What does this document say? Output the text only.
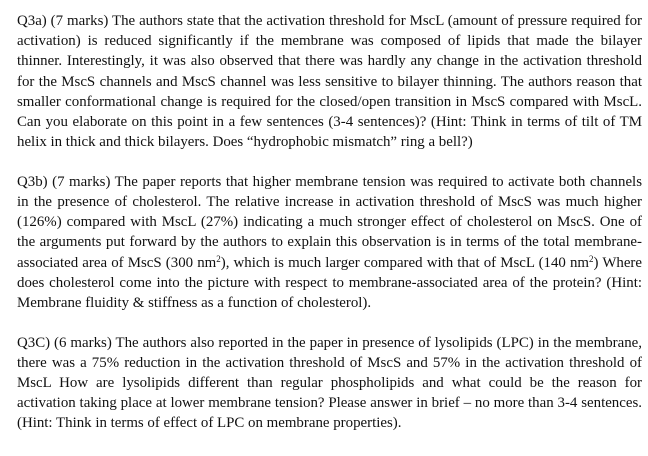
Q3a) (7 marks) The authors state that the activation threshold for MscL (amount of pressure required for activation) is reduced significantly if the membrane was composed of lipids that made the bilayer thinner. Interestingly, it was also observed that there was hardly any change in the activation threshold for the MscS channels and MscS channel was less sensitive to bilayer thinning. The authors reason that smaller conformational change is required for the closed/open transition in MscS compared with MscL. Can you elaborate on this point in a few sentences (3-4 sentences)? (Hint: Think in terms of tilt of TM helix in thick and thick bilayers. Does “hydrophobic mismatch” ring a bell?)

Q3b) (7 marks) The paper reports that higher membrane tension was required to activate both channels in the presence of cholesterol. The relative increase in activation threshold of MscS was much higher (126%) compared with MscL (27%) indicating a much stronger effect of cholesterol on MscS. One of the arguments put forward by the authors to explain this observation is in terms of the total membrane-associated area of MscS (300 $nm^2$), which is much larger compared with that of MscL (140 $nm^2$) Where does cholesterol come into the picture with respect to membrane-associated area of the protein? (Hint: Membrane fluidity & stiffness as a function of cholesterol).

Q3C) (6 marks) The authors also reported in the paper in presence of lysolipids (LPC) in the membrane, there was a 75% reduction in the activation threshold of MscS and 57% in the activation threshold of MscL How are lysolipids different than regular phospholipids and what could be the reason for activation taking place at lower membrane tension? Please answer in brief – no more than 3-4 sentences. (Hint: Think in terms of effect of LPC on membrane properties).
